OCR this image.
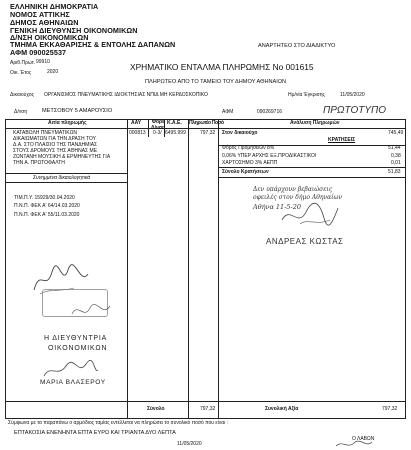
ΕΛΛΗΝΙΚΗ ΔΗΜΟΚΡΑΤΙΑ
ΝΟΜΟΣ ΑΤΤΙΚΗΣ
ΔΗΜΟΣ ΑΘΗΝΑΙΩΝ
ΓΕΝΙΚΗ ΔΙΕΥΘΥΝΣΗ ΟΙΚΟΝΟΜΙΚΩΝ
Δ/ΝΣΗ ΟΙΚΟΝΟΜΙΚΩΝ
ΤΜΗΜΑ ΕΚΚΑΘΑΡΙΣΗΣ & ΕΝΤΟΛΗΣ ΔΑΠΑΝΩΝ
ΑΦΜ 090025537
ΑΝΑΡΤΗΤΕΟ ΣΤΟ ΔΙΑΔΙΚΤΥΟ
Αριθ.Πρωτ. 99910
Οικ. Έτος	2020	ΧΡΗΜΑΤΙΚΟ ΕΝΤΑΛΜΑ ΠΛΗΡΩΜΗΣ No 001615
ΠΛΗΡΩΤΕΟ ΑΠΟ ΤΟ ΤΑΜΕΙΟ ΤΟΥ ΔΗΜΟΥ ΑΘΗΝΑΙΩΝ
Δικαιούχος ΟΡΓΑΝΙΣΜΟΣ ΠΝΕΥΜΑΤΙΚΗΣ ΙΔΙΟΚΤΗΣΙΑΣ ΝΠΙΔ ΜΗ ΚΕΡΔΟΣΚΟΠΙΚΟ	Ημ/νία Έγκρισης	11/05/2020
Δ/νση	ΜΕΤΣΟΒΟΥ 5 ΑΜΑΡΟΥΣΙΟ	ΑΦΜ	090269716	ΠΡΩΤΟΤΥΠΟ
Αιτία πληρωμής	ΑΑΥ Φορέ
Δ/νση
Κ.Α.Ε. Πληρωτέο Ποσό	Ανάλυση Πληρωμών
ΚΑΤΑΒΟΛΗ ΠΝΕΥΜΑΤΙΚΩΝ
ΔΙΚΑΙΩΜΑΤΩΝ ΓΙΑ ΤΗΝ ΔΡΑΣΗ ΤΟΥ
Δ.Α. ΣΤΟ ΠΛΑΙΣΙΟ ΤΗΣ ΠΑΝΔΗΜΙΑΣ
ΣΤΟΥΣ ΔΡΟΜΟΥΣ ΤΗΣ ΑΘΗΝΑΣ ΜΕ
ΖΩΝΤΑΝΗ ΜΟΥΣΙΚΗ & ΕΡΜΗΝΕΥΤΗΣ ΓΙΑ
ΤΗΝ Α. ΠΡΩΤΟΦΑΛΤΗ
000813 0-3/ 6495.999	797,32 Στον δικαιούχο	745,49
ΚΡΑΤΗΣΕΙΣ
Φόρος Προμηθειών 8%	51,44
0,06% ΥΠΕΡ ΑΡΧΗΣ ΕΞ.ΠΡΟΔΙΚΑΣΤΙΚΟΙ	0,38
ΧΑΡΤΟΣΗΜΟ 3% ΑΕΠΠ	0,01
Σύνολο Κρατήσεων	51,83
Συνημμένα δικαιολογητικά
ΤΙΜ.Π.Υ. 15929/30.04.2020
Π.Ν.Π. ΦΕΚ Α' 64/14.03.2020
Π.Ν.Π. ΦΕΚ Α' 55/11.03.2020
Δεν υπάρχουν βεβαιώσεις
οφειλές στον δήμο Αθηναίων
Αθήνα 11-5-20
ΑΝΔΡΕΑΣ ΚΩΣΤΑΣ
Η ΔΙΕΥΘΥΝΤΡΙΑ
ΟΙΚΟΝΟΜΙΚΩΝ
ΜΑΡΙΑ ΒΛΑΣΕΡΟΥ
Σύνολο	797,32	Συνολική Αξία	797,32
Σύμφωνα με τα παραπάνω ο αρμόδιος ταμίας εντέλλεται να πληρώσει το συνολικό ποσό που είναι :
ΕΠΤΑΚΟΣΙΑ ΕΝΕΝΗΝΤΑ ΕΠΤΑ ΕΥΡΩ ΚΑΙ ΤΡΙΑΝΤΑ ΔΥΟ ΛΕΠΤΑ
11/05/2020
Ο ΛΑΒΩΝ
